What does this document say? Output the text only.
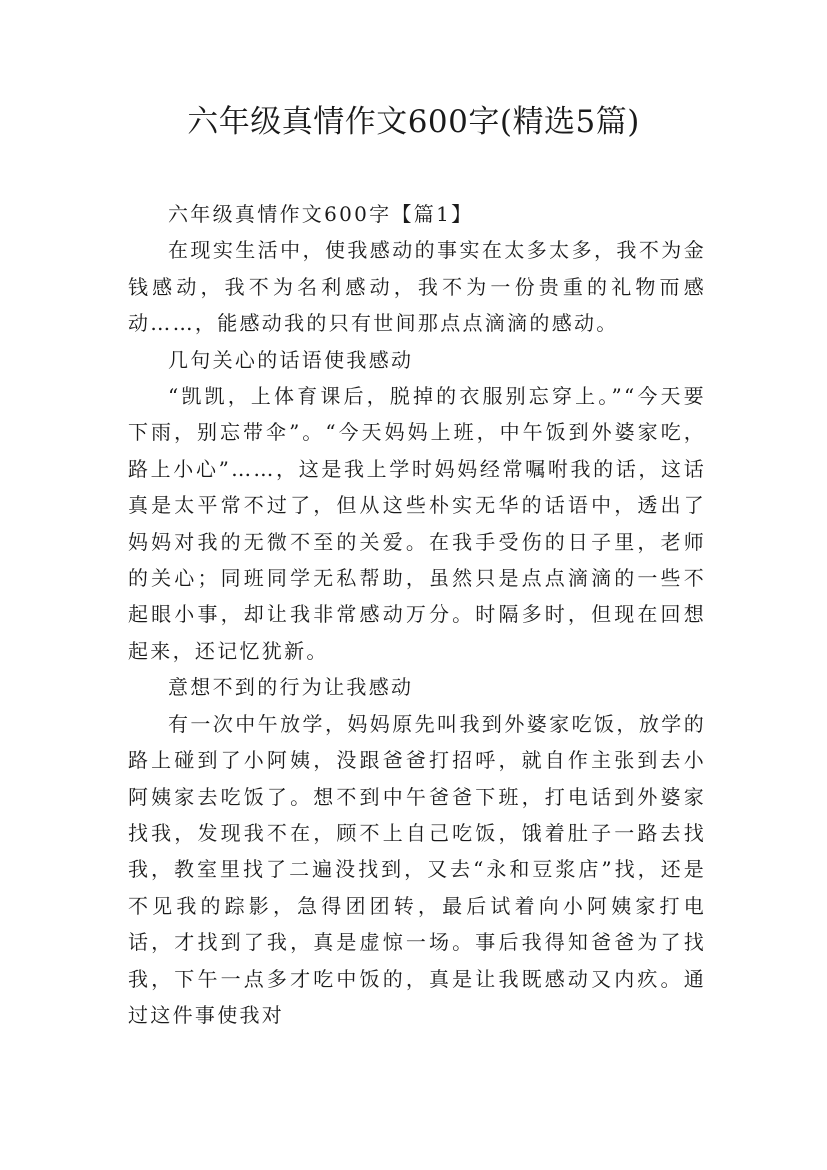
六年级真情作文600字(精选5篇)

六年级真情作文600字【篇1】

在现实生活中，使我感动的事实在太多太多，我不为金钱感动，我不为名利感动，我不为一份贵重的礼物而感动……，能感动我的只有世间那点点滴滴的感动。

几句关心的话语使我感动

“凯凯，上体育课后，脱掉的衣服别忘穿上。”“今天要下雨，别忘带伞”。“今天妈妈上班，中午饭到外婆家吃，路上小心”……，这是我上学时妈妈经常嘱咐我的话，这话真是太平常不过了，但从这些朴实无华的话语中，透出了妈妈对我的无微不至的关爱。在我手受伤的日子里，老师的关心；同班同学无私帮助，虽然只是点点滴滴的一些不起眼小事，却让我非常感动万分。时隔多时，但现在回想起来，还记忆犹新。

意想不到的行为让我感动

有一次中午放学，妈妈原先叫我到外婆家吃饭，放学的路上碰到了小阿姨，没跟爸爸打招呼，就自作主张到去小阿姨家去吃饭了。想不到中午爸爸下班，打电话到外婆家找我，发现我不在，顾不上自己吃饭，饿着肚子一路去找我，教室里找了二遍没找到，又去“永和豆浆店”找，还是不见我的踪影，急得团团转，最后试着向小阿姨家打电话，才找到了我，真是虚惊一场。事后我得知爸爸为了找我，下午一点多才吃中饭的，真是让我既感动又内疚。通过这件事使我对
